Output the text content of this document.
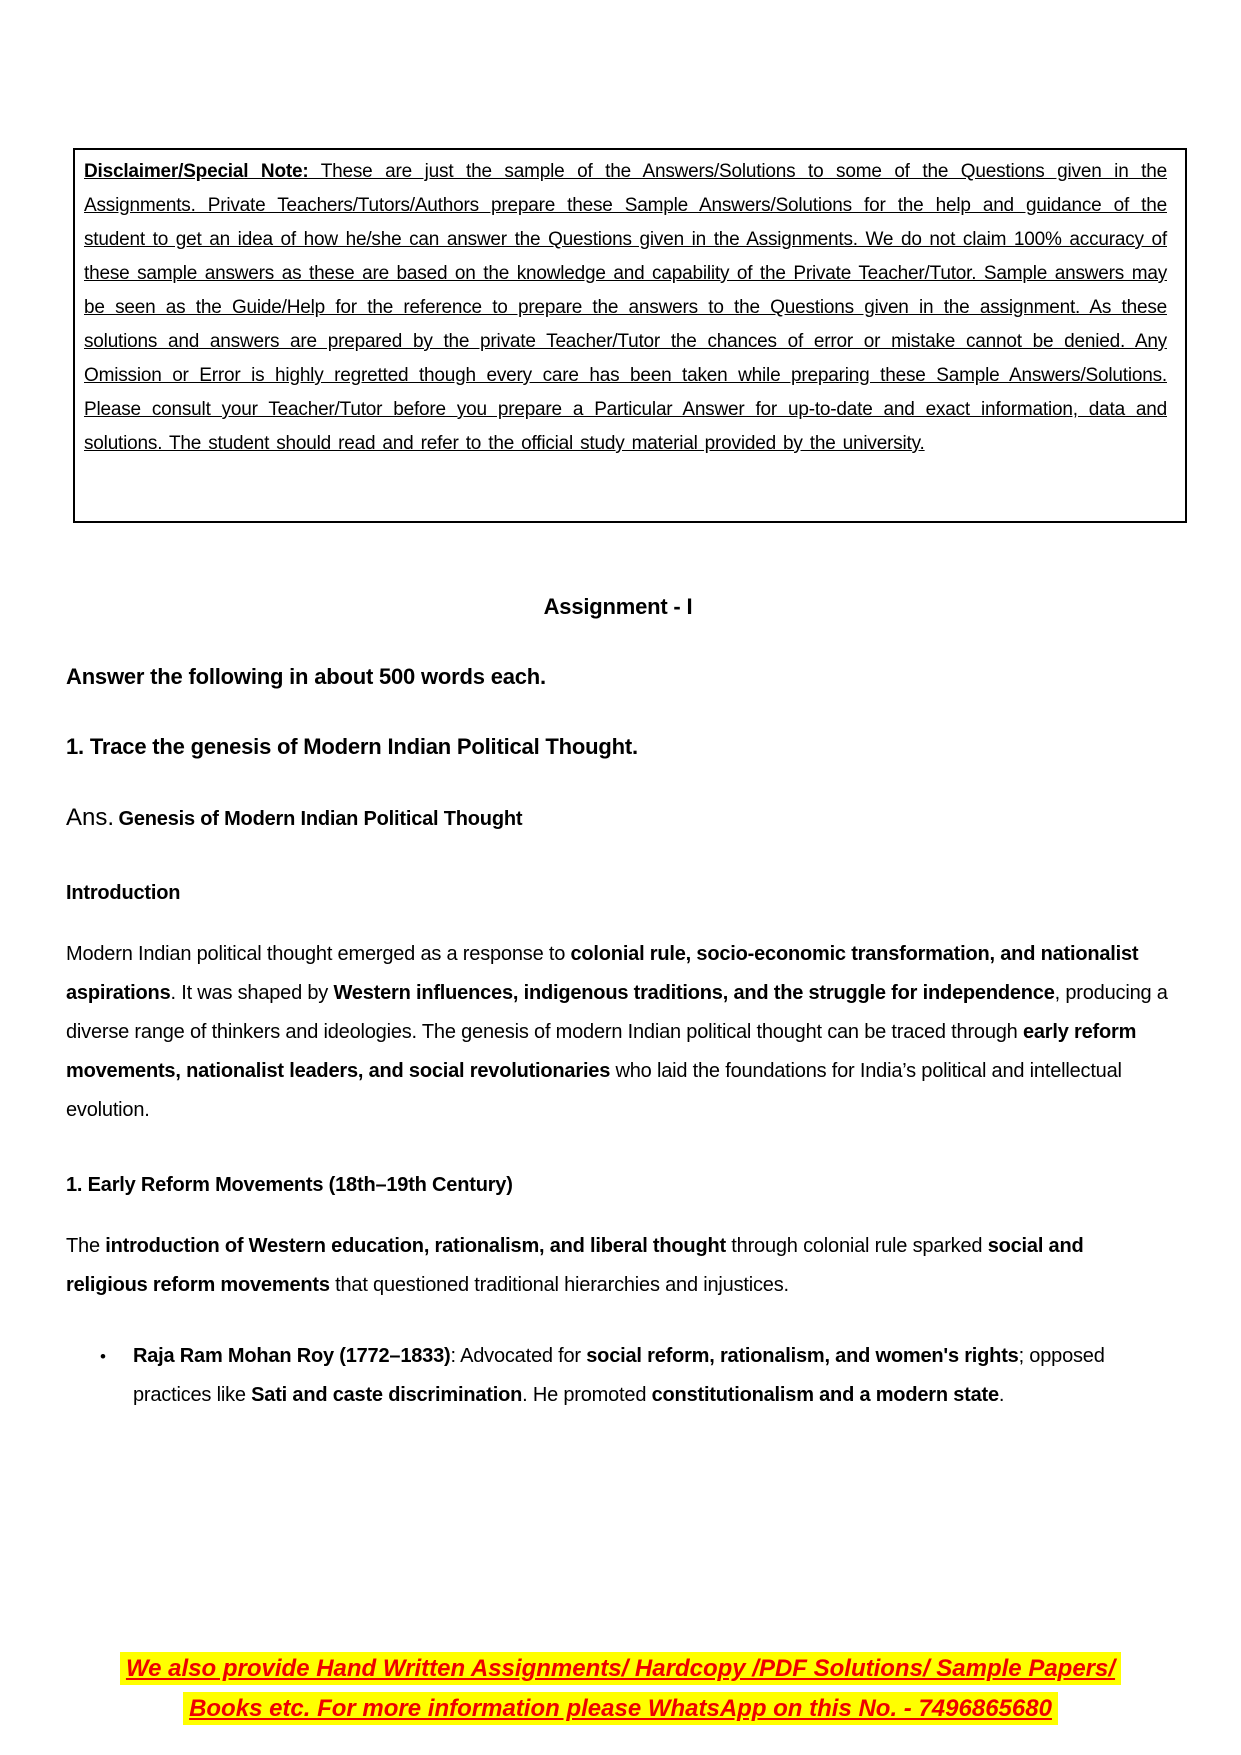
Disclaimer/Special Note: These are just the sample of the Answers/Solutions to some of the Questions given in the Assignments. Private Teachers/Tutors/Authors prepare these Sample Answers/Solutions for the help and guidance of the student to get an idea of how he/she can answer the Questions given in the Assignments. We do not claim 100% accuracy of these sample answers as these are based on the knowledge and capability of the Private Teacher/Tutor. Sample answers may be seen as the Guide/Help for the reference to prepare the answers to the Questions given in the assignment. As these solutions and answers are prepared by the private Teacher/Tutor the chances of error or mistake cannot be denied. Any Omission or Error is highly regretted though every care has been taken while preparing these Sample Answers/Solutions. Please consult your Teacher/Tutor before you prepare a Particular Answer for up-to-date and exact information, data and solutions. The student should read and refer to the official study material provided by the university.

Assignment - I
Answer the following in about 500 words each.
1. Trace the genesis of Modern Indian Political Thought.

Ans. Genesis of Modern Indian Political Thought

Introduction

Modern Indian political thought emerged as a response to colonial rule, socio-economic transformation, and nationalist aspirations. It was shaped by Western influences, indigenous traditions, and the struggle for independence, producing a diverse range of thinkers and ideologies. The genesis of modern Indian political thought can be traced through early reform movements, nationalist leaders, and social revolutionaries who laid the foundations for India’s political and intellectual evolution.

1. Early Reform Movements (18th–19th Century)

The introduction of Western education, rationalism, and liberal thought through colonial rule sparked social and religious reform movements that questioned traditional hierarchies and injustices.

•	Raja Ram Mohan Roy (1772–1833): Advocated for social reform, rationalism, and women's rights; opposed practices like Sati and caste discrimination. He promoted constitutionalism and a modern state.
We also provide Hand Written Assignments/ Hardcopy /PDF Solutions/ Sample Papers/
Books etc. For more information please WhatsApp on this No. - 7496865680
